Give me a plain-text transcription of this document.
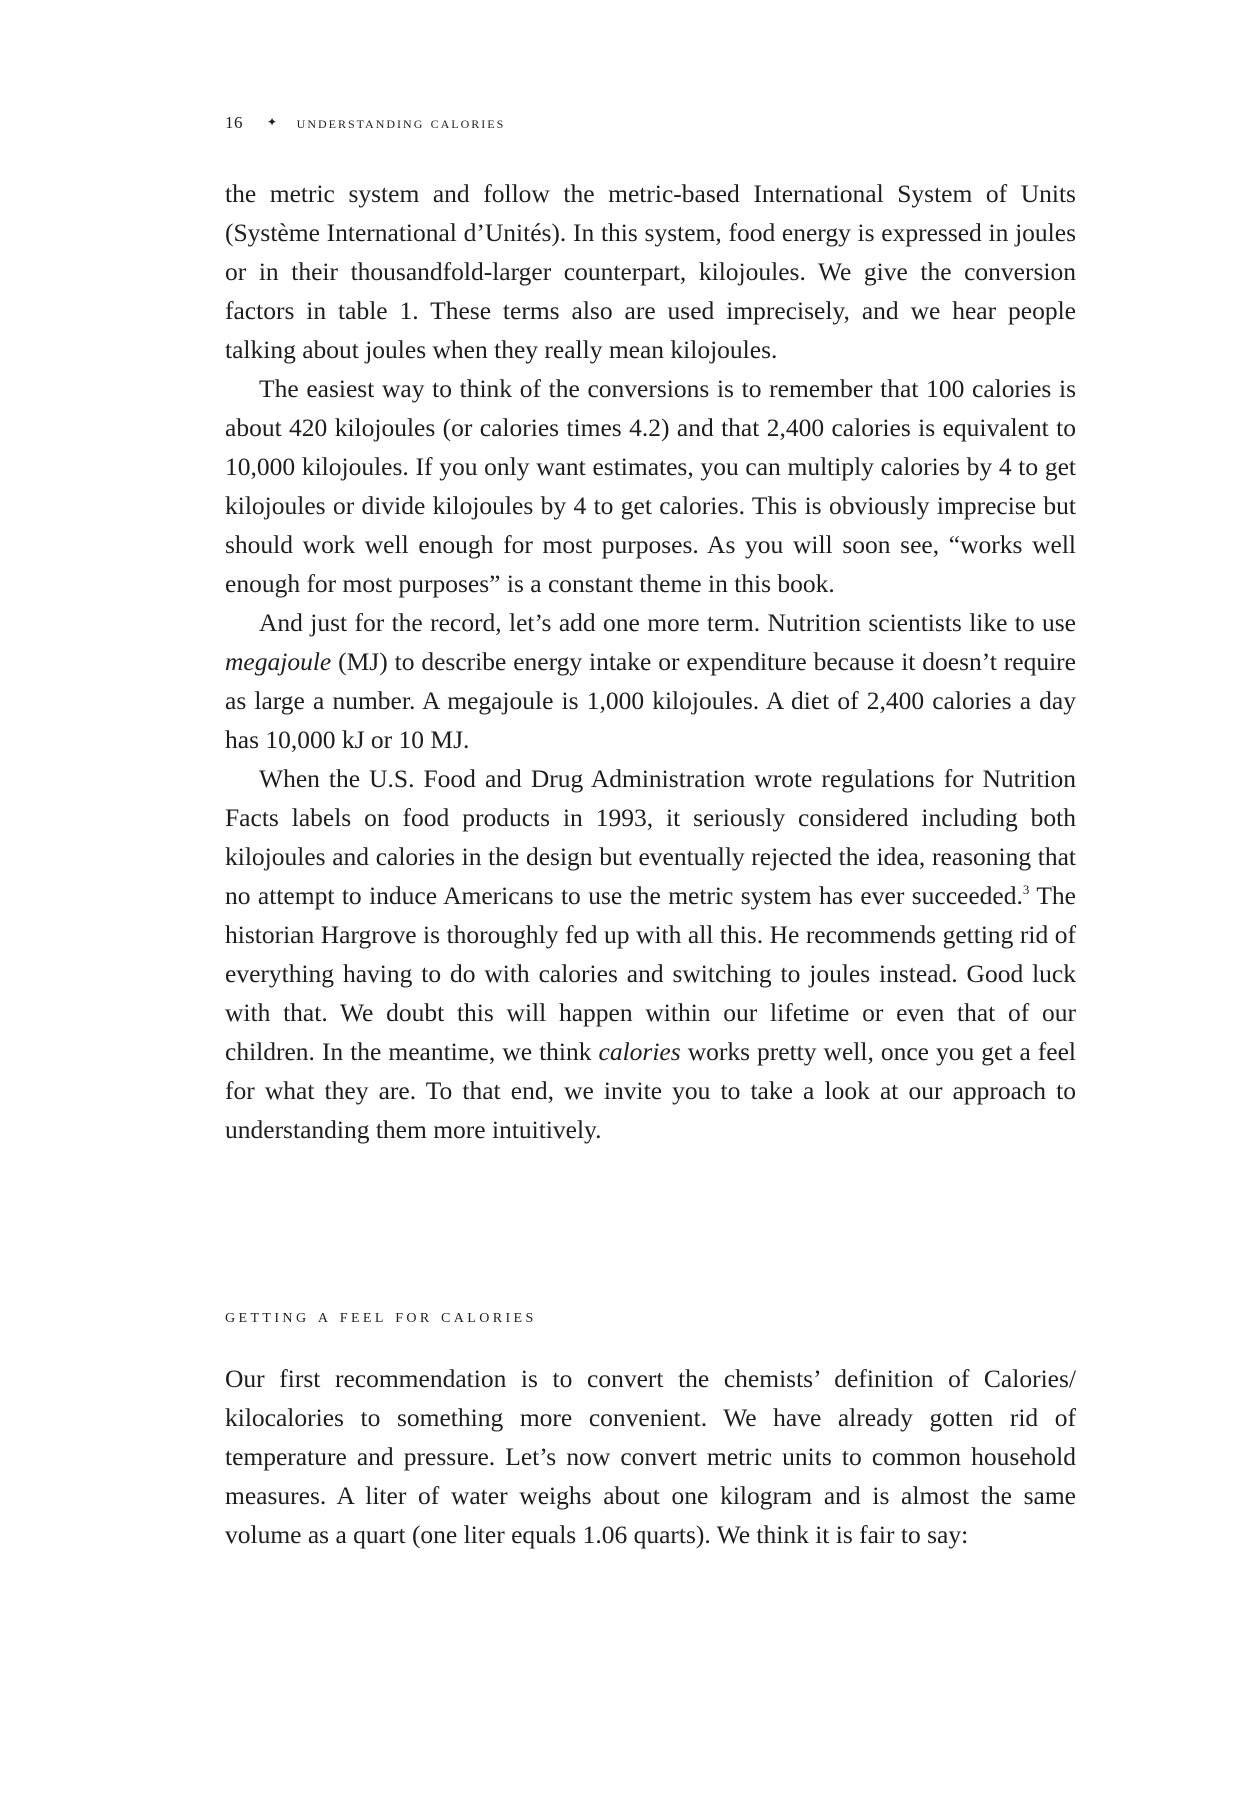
16 ✦ understanding calories

the metric system and follow the metric-based International System of Units (Système International d’Unités). In this system, food energy is expressed in joules or in their thousandfold-larger counterpart, kilojoules. We give the conversion factors in table 1. These terms also are used imprecisely, and we hear people talking about joules when they really mean kilojoules.

The easiest way to think of the conversions is to remember that 100 calories is about 420 kilojoules (or calories times 4.2) and that 2,400 calories is equivalent to 10,000 kilojoules. If you only want estimates, you can multiply calories by 4 to get kilojoules or divide kilojoules by 4 to get calories. This is obviously imprecise but should work well enough for most purposes. As you will soon see, “works well enough for most purposes” is a constant theme in this book.

And just for the record, let’s add one more term. Nutrition scientists like to use megajoule (MJ) to describe energy intake or expenditure because it doesn’t require as large a number. A megajoule is 1,000 kilojoules. A diet of 2,400 calories a day has 10,000 kJ or 10 MJ.

When the U.S. Food and Drug Administration wrote regulations for Nutrition Facts labels on food products in 1993, it seriously considered including both kilojoules and calories in the design but eventually rejected the idea, reasoning that no attempt to induce Americans to use the metric system has ever succeeded.$^3$ The historian Hargrove is thoroughly fed up with all this. He recommends getting rid of everything having to do with calories and switching to joules instead. Good luck with that. We doubt this will happen within our lifetime or even that of our children. In the meantime, we think calories works pretty well, once you get a feel for what they are. To that end, we invite you to take a look at our approach to understanding them more intuitively.

getting a feel for calories

Our first recommendation is to convert the chemists’ definition of Calories/ kilocalories to something more convenient. We have already gotten rid of temperature and pressure. Let’s now convert metric units to common household measures. A liter of water weighs about one kilogram and is almost the same volume as a quart (one liter equals 1.06 quarts). We think it is fair to say:
